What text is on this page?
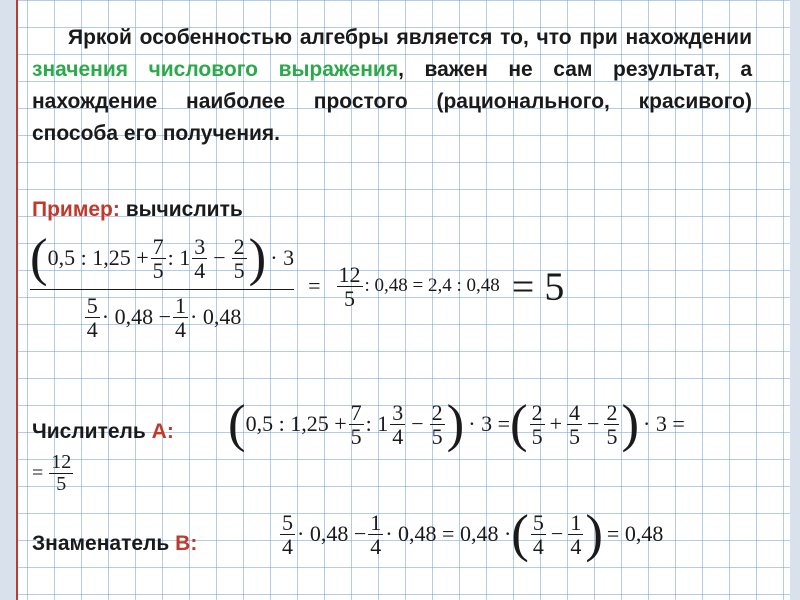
Яркой особенностью алгебры является то, что при нахождении значения числового выражения, важен не сам результат, а нахождение наиболее простого (рационального, красивого) способа его получения.
Пример: вычислить
( 0,5 : $1,25 + \frac{7}{5}$ : $1 \frac{3}{4} - \frac{2}{5}$ ) · 3
$\frac{5}{4} \cdot 0,48 - \frac{1}{4} \cdot 0,48$
= $\frac{12}{5}$ : 0,48 = 2,4 : 0,48 = 5
Числитель A: ( 0,5 : $1,25 + \frac{7}{5}$ : $1 \frac{3}{4} - \frac{2}{5}$ ) · 3 = ( $\frac{2}{5} + \frac{4}{5} - \frac{2}{5}$ ) · 3 =
= $\frac{12}{5}$
Знаменатель B:	$\frac{5}{4} \cdot 0,48 - \frac{1}{4} \cdot 0,48 = 0,48$ · ( $\frac{5}{4} - \frac{1}{4}$ ) = 0,48
